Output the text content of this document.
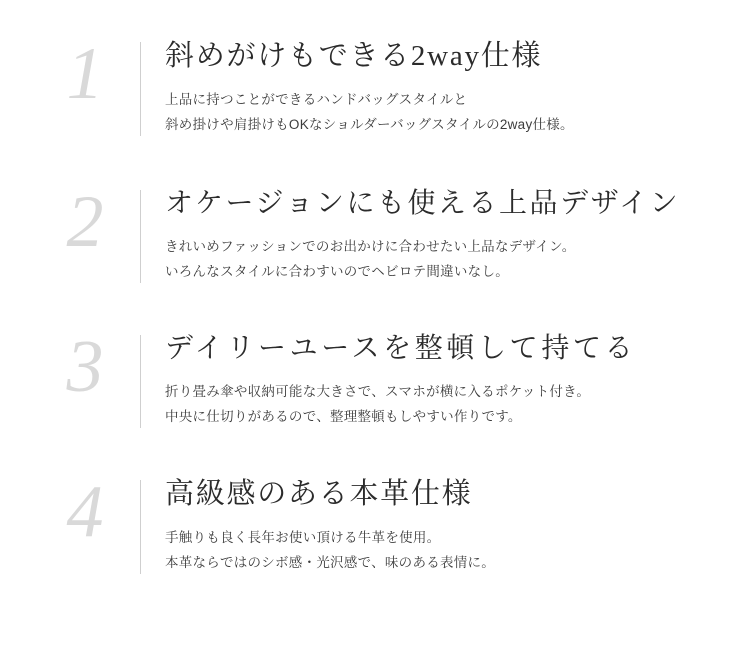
1 斜めがけもできる2way仕様

上品に持つことができるハンドバッグスタイルと
斜め掛けや肩掛けもOKなショルダーバッグスタイルの2way仕様。

2 オケージョンにも使える上品デザイン

きれいめファッションでのお出かけに合わせたい上品なデザイン。
いろんなスタイルに合わすいのでヘビロテ間違いなし。

3 デイリーユースを整頓して持てる

折り畳み傘や収納可能な大きさで、スマホが横に入るポケット付き。
中央に仕切りがあるので、整理整頓もしやすい作りです。

4 高級感のある本革仕様

手触りも良く長年お使い頂ける牛革を使用。
本革ならではのシボ感・光沢感で、味のある表情に。
